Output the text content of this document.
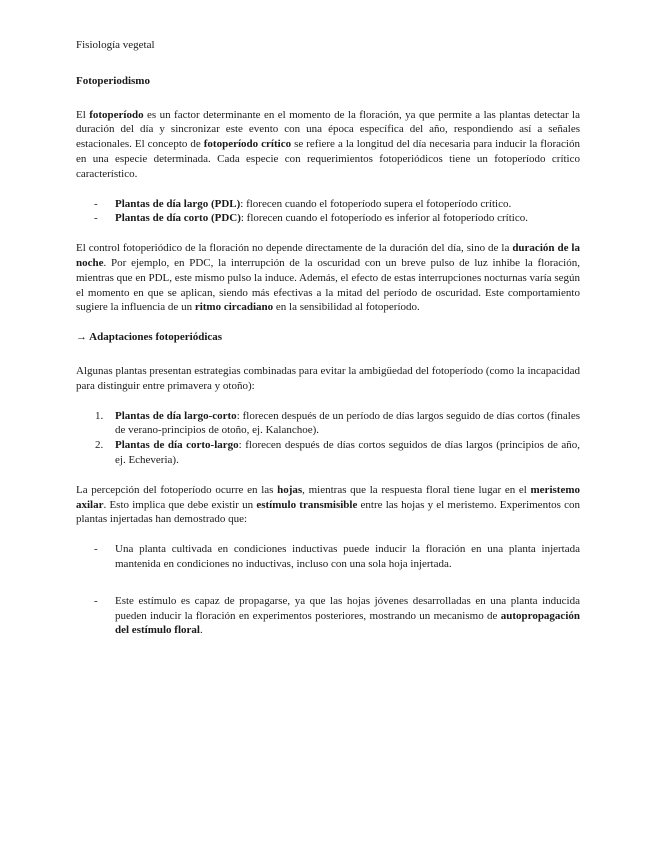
Fisiología vegetal
Fotoperiodismo

El fotoperíodo es un factor determinante en el momento de la floración, ya que permite a las plantas detectar la duración del día y sincronizar este evento con una época específica del año, respondiendo así a señales estacionales. El concepto de fotoperíodo crítico se refiere a la longitud del día necesaria para inducir la floración en una especie determinada. Cada especie con requerimientos fotoperiódicos tiene un fotoperíodo crítico característico.

- Plantas de día largo (PDL): florecen cuando el fotoperíodo supera el fotoperíodo crítico.
- Plantas de día corto (PDC): florecen cuando el fotoperíodo es inferior al fotoperíodo crítico.

El control fotoperiódico de la floración no depende directamente de la duración del día, sino de la duración de la noche. Por ejemplo, en PDC, la interrupción de la oscuridad con un breve pulso de luz inhibe la floración, mientras que en PDL, este mismo pulso la induce. Además, el efecto de estas interrupciones nocturnas varía según el momento en que se aplican, siendo más efectivas a la mitad del período de oscuridad. Este comportamiento sugiere la influencia de un ritmo circadiano en la sensibilidad al fotoperíodo.

→ Adaptaciones fotoperiódicas

Algunas plantas presentan estrategias combinadas para evitar la ambigüedad del fotoperíodo (como la incapacidad para distinguir entre primavera y otoño):

1. Plantas de día largo-corto: florecen después de un período de días largos seguido de días cortos (finales de verano-principios de otoño, ej. Kalanchoe).
2. Plantas de día corto-largo: florecen después de días cortos seguidos de días largos (principios de año, ej. Echeveria).

La percepción del fotoperíodo ocurre en las hojas, mientras que la respuesta floral tiene lugar en el meristemo axilar. Esto implica que debe existir un estímulo transmisible entre las hojas y el meristemo. Experimentos con plantas injertadas han demostrado que:

- Una planta cultivada en condiciones inductivas puede inducir la floración en una planta injertada mantenida en condiciones no inductivas, incluso con una sola hoja injertada.
- Este estímulo es capaz de propagarse, ya que las hojas jóvenes desarrolladas en una planta inducida pueden inducir la floración en experimentos posteriores, mostrando un mecanismo de autopropagación del estímulo floral.
